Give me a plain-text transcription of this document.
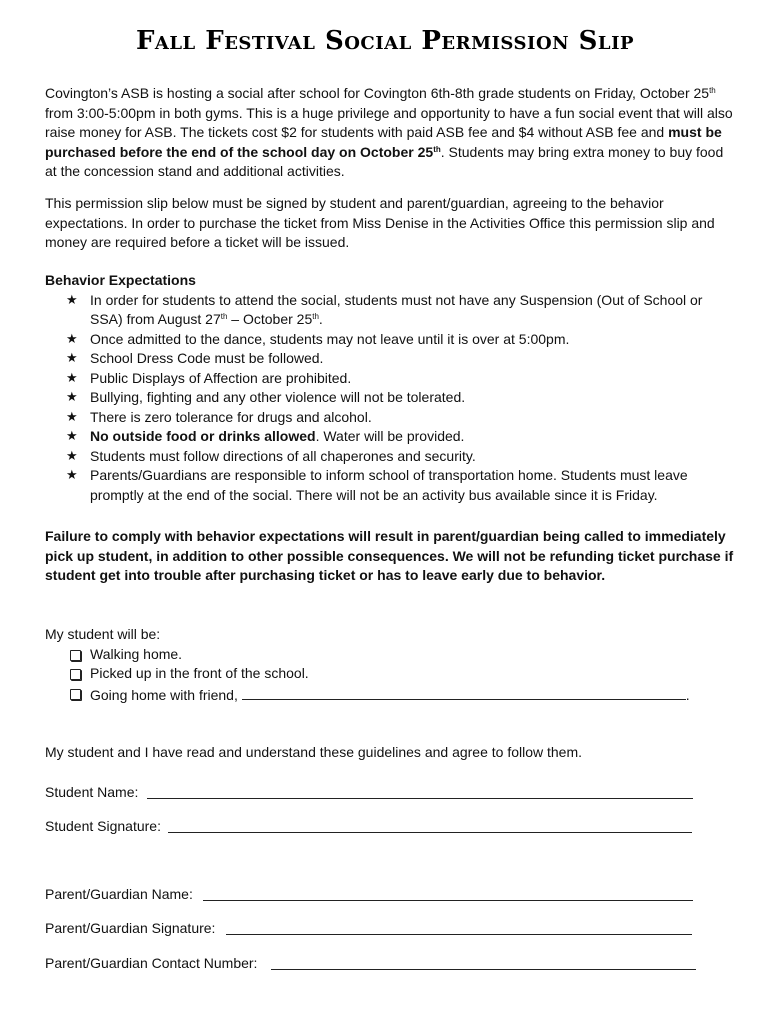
Fall Festival Social Permission Slip

Covington’s ASB is hosting a social after school for Covington 6th-8th grade students on Friday, October 25th from 3:00-5:00pm in both gyms. This is a huge privilege and opportunity to have a fun social event that will also raise money for ASB. The tickets cost $2 for students with paid ASB fee and $4 without ASB fee and must be purchased before the end of the school day on October 25th. Students may bring extra money to buy food at the concession stand and additional activities.

This permission slip below must be signed by student and parent/guardian, agreeing to the behavior expectations. In order to purchase the ticket from Miss Denise in the Activities Office this permission slip and money are required before a ticket will be issued.

Behavior Expectations

★ In order for students to attend the social, students must not have any Suspension (Out of School or SSA) from August 27th – October 25th.
★ Once admitted to the dance, students may not leave until it is over at 5:00pm.
★ School Dress Code must be followed.
★ Public Displays of Affection are prohibited.
★ Bullying, fighting and any other violence will not be tolerated.
★ There is zero tolerance for drugs and alcohol.
★ No outside food or drinks allowed. Water will be provided.
★ Students must follow directions of all chaperones and security.
★ Parents/Guardians are responsible to inform school of transportation home. Students must leave promptly at the end of the social. There will not be an activity bus available since it is Friday.

Failure to comply with behavior expectations will result in parent/guardian being called to immediately pick up student, in addition to other possible consequences. We will not be refunding ticket purchase if student get into trouble after purchasing ticket or has to leave early due to behavior.

My student will be:

Walking home.
Picked up in the front of the school.
Going home with friend,	.

My student and I have read and understand these guidelines and agree to follow them.

Student Name:
Student Signature:
Parent/Guardian Name:
Parent/Guardian Signature:
Parent/Guardian Contact Number:
